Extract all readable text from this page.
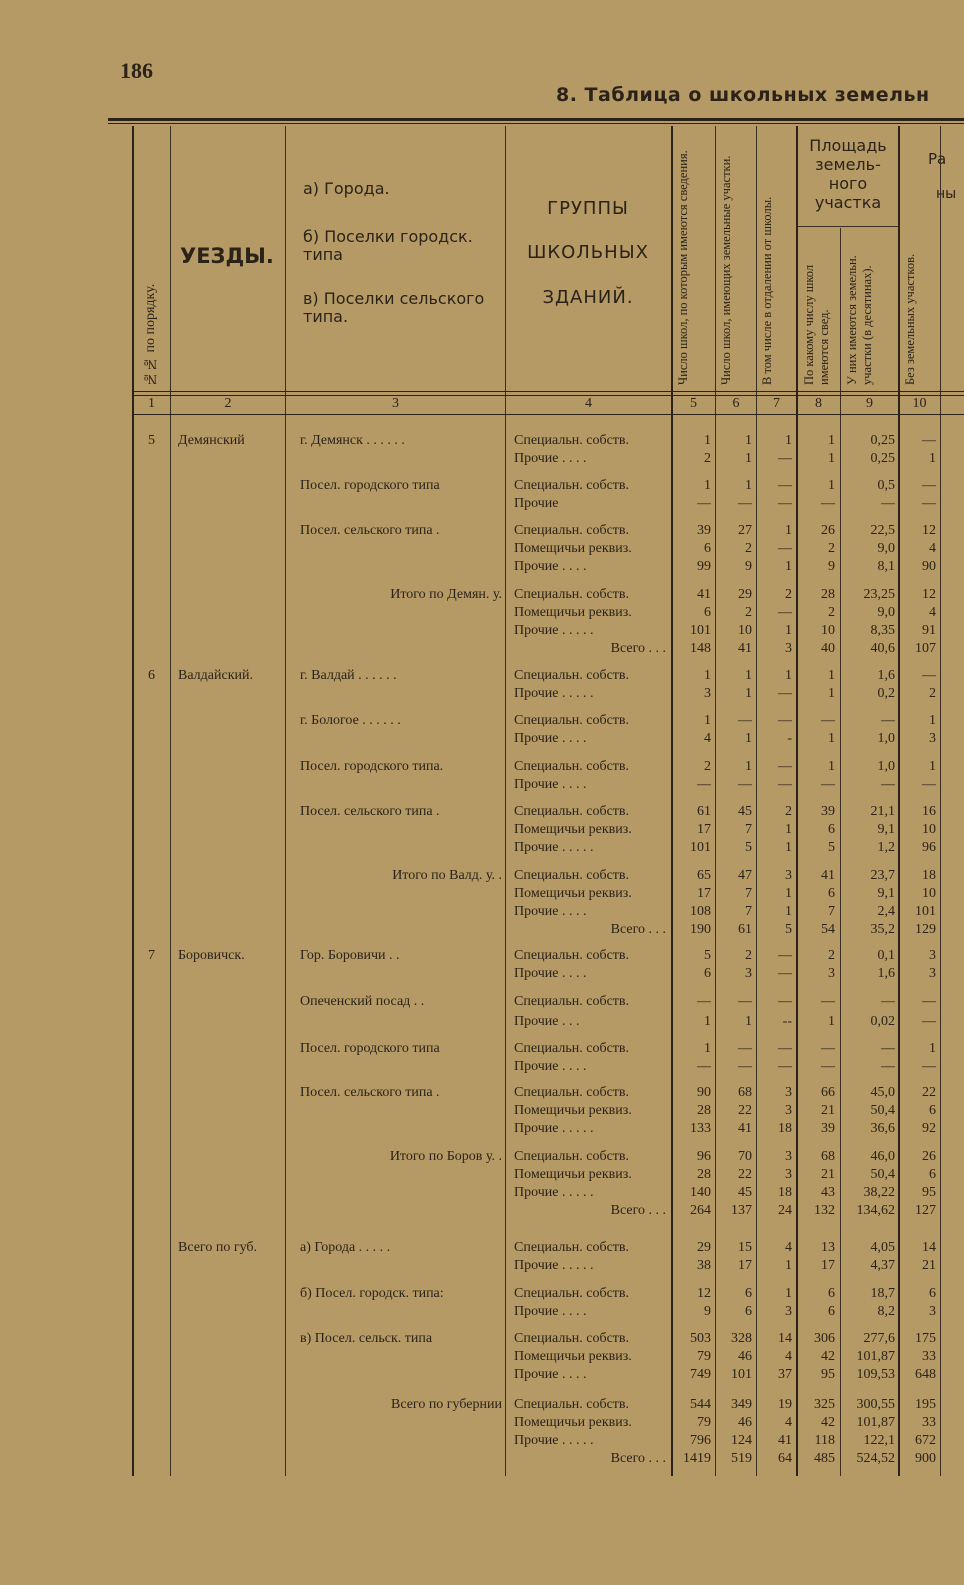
186
8. Таблица о школьных земельн
№№ по порядку.
УЕЗДЫ.
а) Города.
б) Поселки городск. типа
в) Поселки сельского типа.
ГРУППЫ
ШКОЛЬНЫХ
ЗДАНИЙ.	Число школ, по которым имеются сведения.	Число школ, имеющих земельные участки.	В том числе в отдалении от школы.
Площадь земель-ного участка
По какому числу школ имеются свед.	У них имеются земельн. участки (в десятинах).	Без земельных участков.
Ра
ны
1	2	3	4	5	6	7	8	9	10
5	Демянский	г. Демянск . . . . . .	Специальн. собств.	1	1	1	1	0,25	—
Прочие . . . .	2	1	—	1	0,25	1
Посел. городского типа	Специальн. собств.	1	1	—	1	0,5	—
Прочие	—	—	—	—	—	—
Посел. сельского типа .	Специальн. собств.	39	27	1	26	22,5	12
Помещичьи реквиз.	6	2	—	2	9,0	4
Прочие . . . .	99	9	1	9	8,1	90
Итого по Демян. у. Специальн. собств.	41	29	2	28	23,25	12
Помещичьи реквиз.	6	2	—	2	9,0	4
Прочие . . . . .	101	10	1	10	8,35	91
Всего . . .	148	41	3	40	40,6	107
6	Валдайский.	г. Валдай . . . . . .	Специальн. собств.	1	1	1	1	1,6	—
Прочие . . . . .	3	1	—	1	0,2	2
г. Бологое . . . . . .	Специальн. собств.	1	—	—	—	—	1
Прочие . . . .	4	1	-	1	1,0	3
Посел. городского типа.	Специальн. собств.	2	1	—	1	1,0	1
Прочие . . . .	—	—	—	—	—	—
Посел. сельского типа .	Специальн. собств.	61	45	2	39	21,1	16
Помещичьи реквиз.	17	7	1	6	9,1	10
Прочие . . . . .	101	5	1	5	1,2	96
Итого по Валд. у. . Специальн. собств.	65	47	3	41	23,7	18
Помещичьи реквиз.	17	7	1	6	9,1	10
Прочие . . . .	108	7	1	7	2,4	101
Всего . . .	190	61	5	54	35,2	129
7	Боровичск.	Гор. Боровичи . .	Специальн. собств.	5	2	—	2	0,1	3
Прочие . . . .	6	3	—	3	1,6	3
Опеченский посад . .	Специальн. собств.	—	—	—	—	—	—
Прочие . . .	1	1	--	1	0,02	—
Посел. городского типа	Специальн. собств.	1	—	—	—	—	1
Прочие . . . .	—	—	—	—	—	—
Посел. сельского типа .	Специальн. собств.	90	68	3	66	45,0	22
Помещичьи реквиз.	28	22	3	21	50,4	6
Прочие . . . . .	133	41	18	39	36,6	92
Итого по Боров у. . Специальн. собств.	96	70	3	68	46,0	26
Помещичьи реквиз.	28	22	3	21	50,4	6
Прочие . . . . .	140	45	18	43	38,22	95
Всего . . .	264	137	24	132	134,62	127
Всего по губ.	а) Города . . . . .	Специальн. собств.	29	15	4	13	4,05	14
Прочие . . . . .	38	17	1	17	4,37	21
б) Посел. городск. типа:	Специальн. собств.	12	6	1	6	18,7	6
Прочие . . . .	9	6	3	6	8,2	3
в) Посел. сельск. типа	Специальн. собств.	503	328	14	306	277,6	175
Помещичьи реквиз.	79	46	4	42	101,87	33
Прочие . . . .	749	101	37	95	109,53	648
Всего по губернии Специальн. собств.	544	349	19	325	300,55	195
Помещичьи реквиз.	79	46	4	42	101,87	33
Прочие . . . . .	796	124	41	118	122,1	672
Всего . . .	1419	519	64	485	524,52	900
